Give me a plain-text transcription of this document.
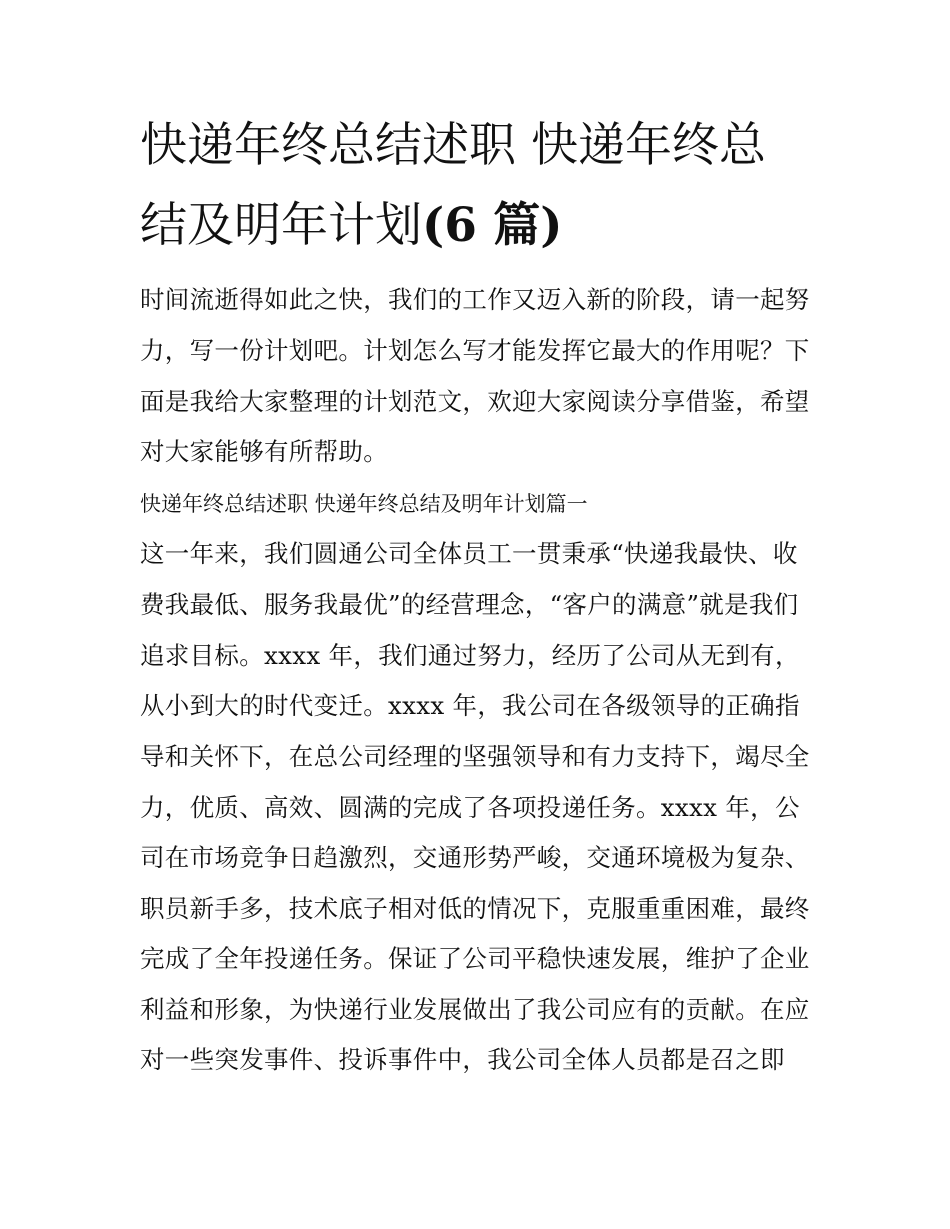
快递年终总结述职 快递年终总
结及明年计划(6 篇)
时间流逝得如此之快，我们的工作又迈入新的阶段，请一起努
力，写一份计划吧。计划怎么写才能发挥它最大的作用呢？下
面是我给大家整理的计划范文，欢迎大家阅读分享借鉴，希望
对大家能够有所帮助。
快递年终总结述职 快递年终总结及明年计划篇一
这一年来，我们圆通公司全体员工一贯秉承“快递我最快、收
费我最低、服务我最优”的经营理念，“客户的满意”就是我们
追求目标。xxxx 年，我们通过努力，经历了公司从无到有，
从小到大的时代变迁。xxxx 年，我公司在各级领导的正确指
导和关怀下，在总公司经理的坚强领导和有力支持下，竭尽全
力，优质、高效、圆满的完成了各项投递任务。xxxx 年，公
司在市场竞争日趋激烈，交通形势严峻，交通环境极为复杂、
职员新手多，技术底子相对低的情况下，克服重重困难，最终
完成了全年投递任务。保证了公司平稳快速发展，维护了企业
利益和形象，为快递行业发展做出了我公司应有的贡献。在应
对一些突发事件、投诉事件中，我公司全体人员都是召之即
